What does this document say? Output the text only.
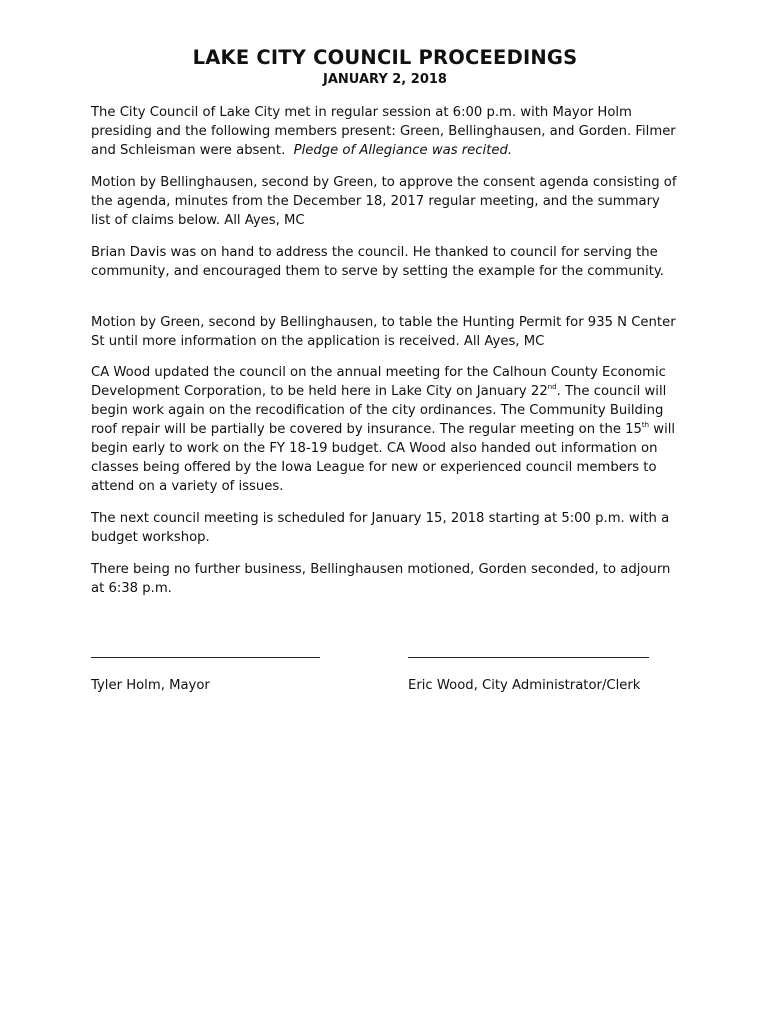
LAKE CITY COUNCIL PROCEEDINGS
JANUARY 2, 2018

The City Council of Lake City met in regular session at 6:00 p.m. with Mayor Holm presiding and the following members present: Green, Bellinghausen, and Gorden. Filmer and Schleisman were absent. Pledge of Allegiance was recited.

Motion by Bellinghausen, second by Green, to approve the consent agenda consisting of the agenda, minutes from the December 18, 2017 regular meeting, and the summary list of claims below. All Ayes, MC

Brian Davis was on hand to address the council. He thanked to council for serving the community, and encouraged them to serve by setting the example for the community.

Motion by Green, second by Bellinghausen, to table the Hunting Permit for 935 N Center St until more information on the application is received. All Ayes, MC

CA Wood updated the council on the annual meeting for the Calhoun County Economic Development Corporation, to be held here in Lake City on January 22nd. The council will begin work again on the recodification of the city ordinances. The Community Building roof repair will be partially be covered by insurance. The regular meeting on the 15th will begin early to work on the FY 18-19 budget. CA Wood also handed out information on classes being offered by the Iowa League for new or experienced council members to attend on a variety of issues.

The next council meeting is scheduled for January 15, 2018 starting at 5:00 p.m. with a budget workshop.

There being no further business, Bellinghausen motioned, Gorden seconded, to adjourn at 6:38 p.m.

Tyler Holm, Mayor	Eric Wood, City Administrator/Clerk
